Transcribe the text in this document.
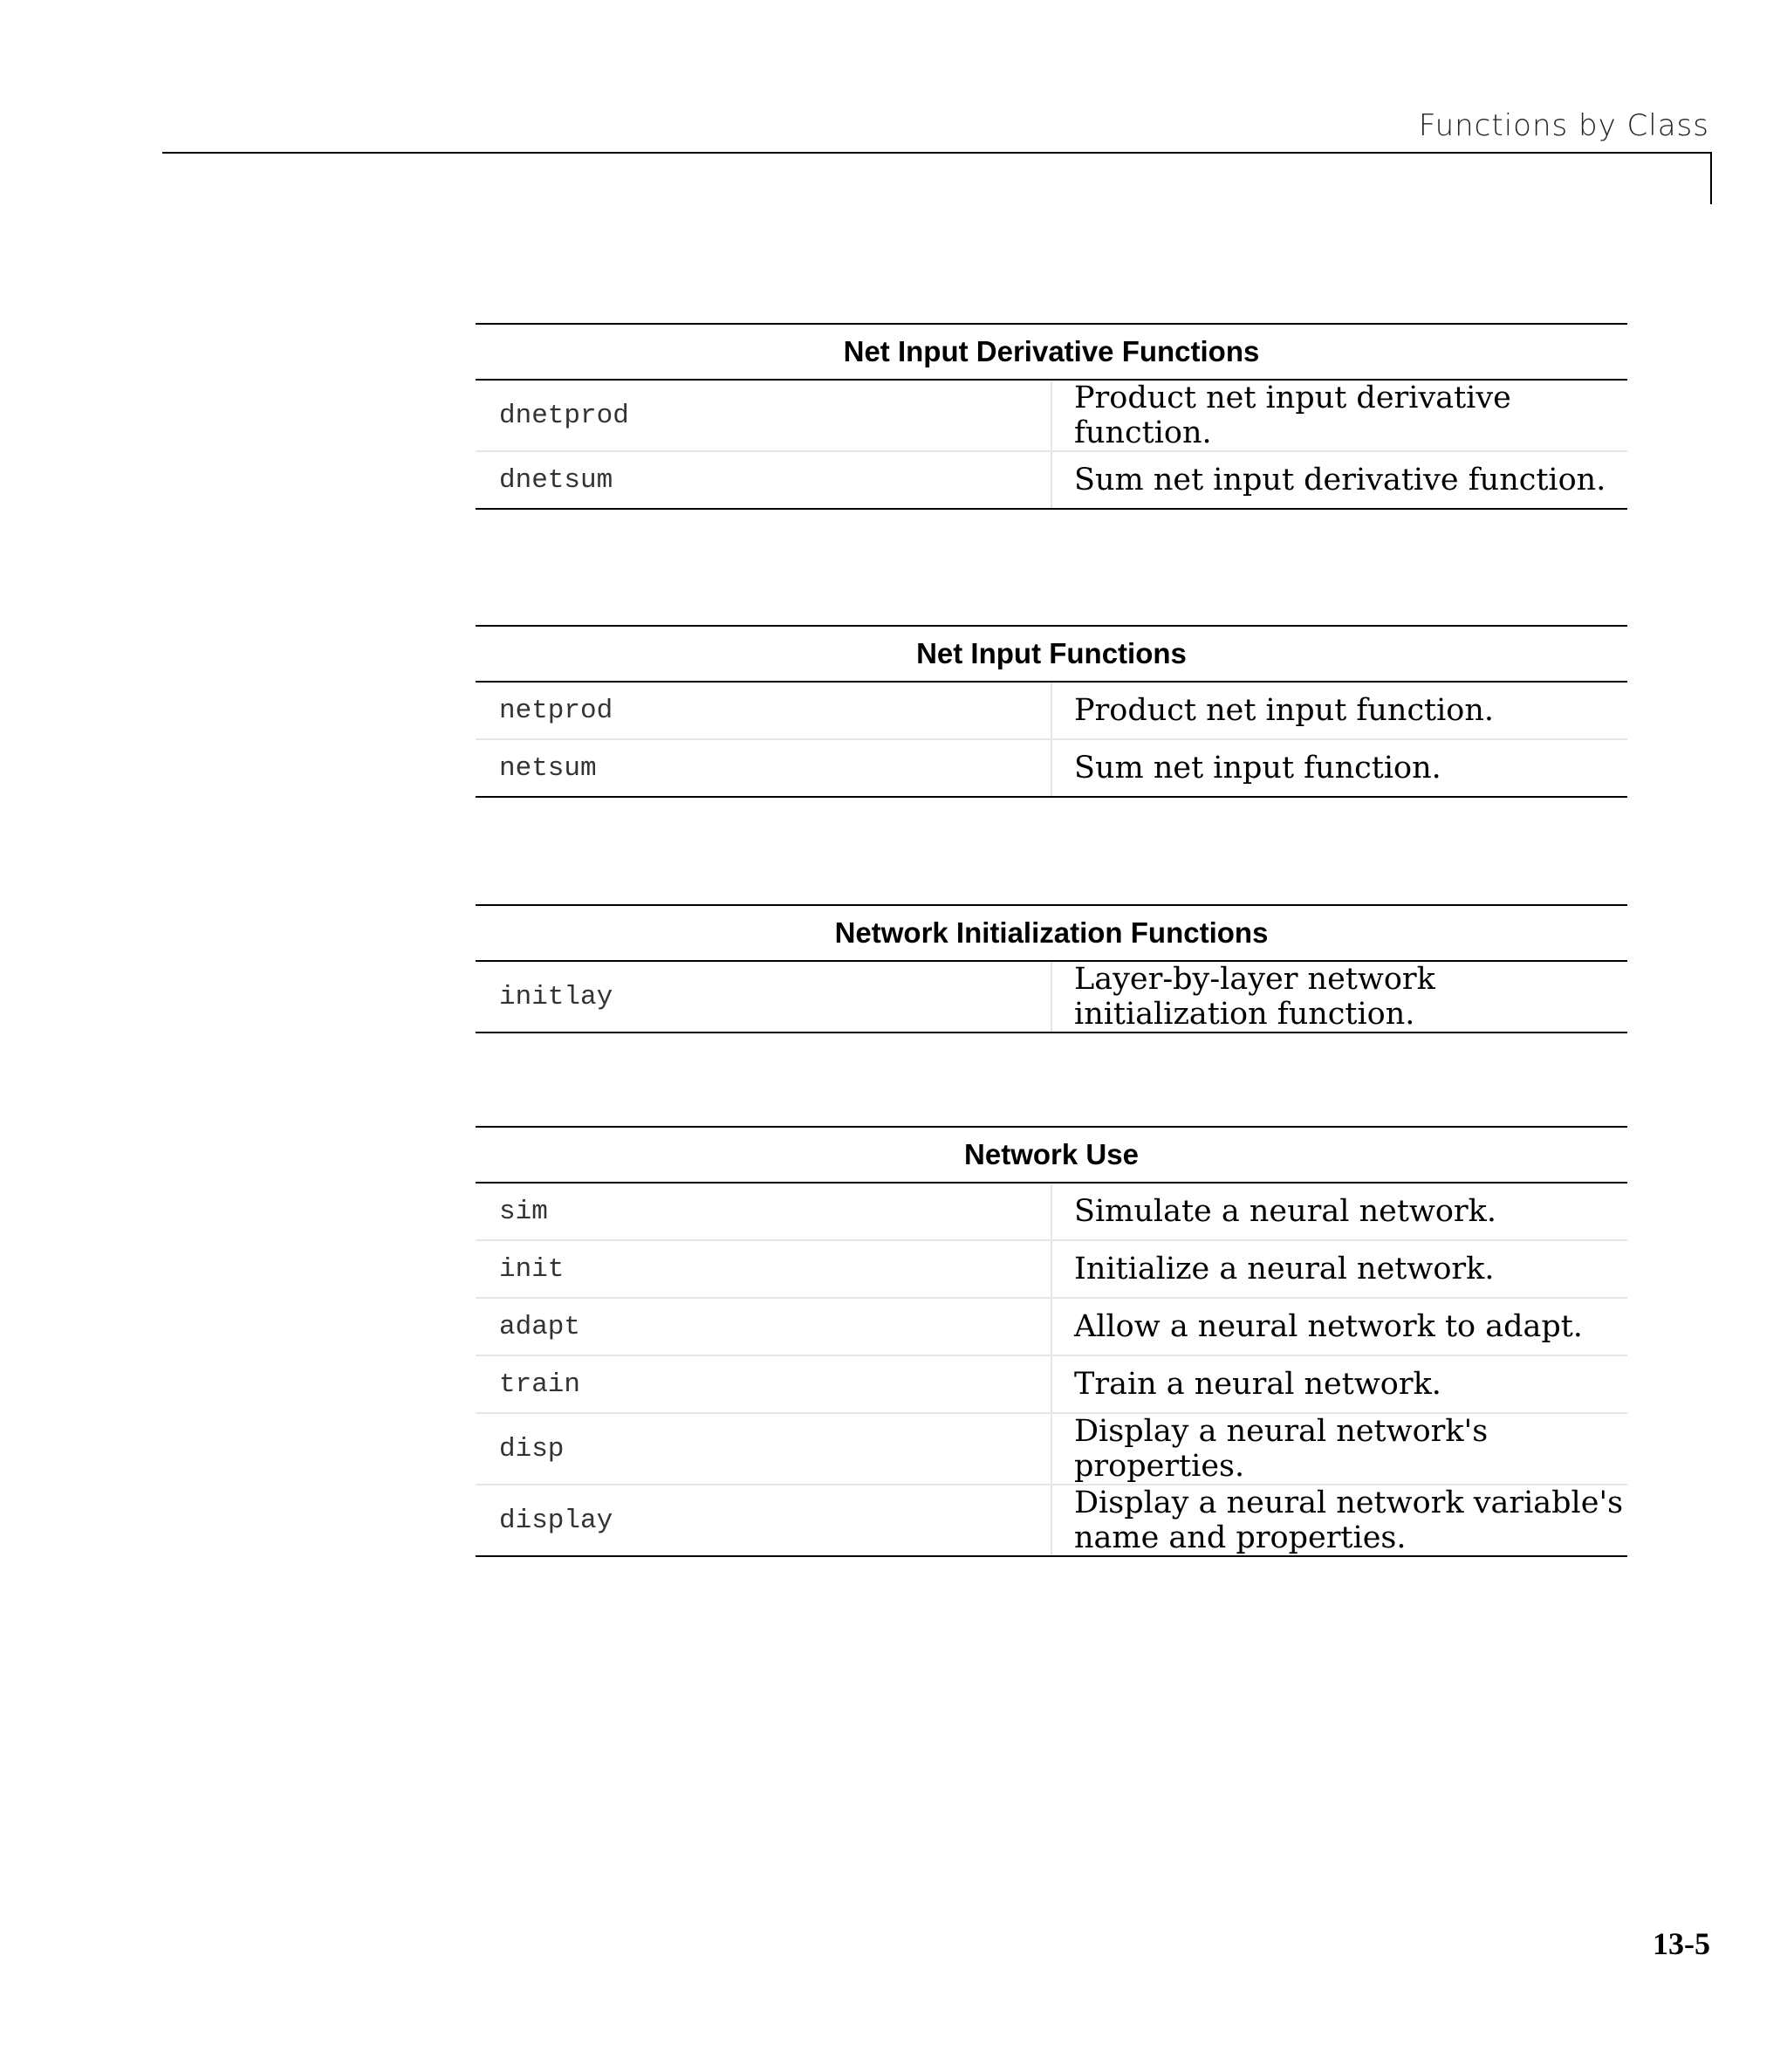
Functions by Class
Net Input Derivative Functions	
dnetprod	Product net input derivative function.
dnetsum	Sum net input derivative function.
Net Input Functions	
netprod	Product net input function.
netsum	Sum net input function.
Network Initialization Functions
initlay	Layer-by-layer network initialization function.
Network Use	
sim	Simulate a neural network.
init	Initialize a neural network.
adapt	Allow a neural network to adapt.
train	Train a neural network.
disp	Display a neural network's properties.
display	Display a neural network variable's name and properties.
13-5
